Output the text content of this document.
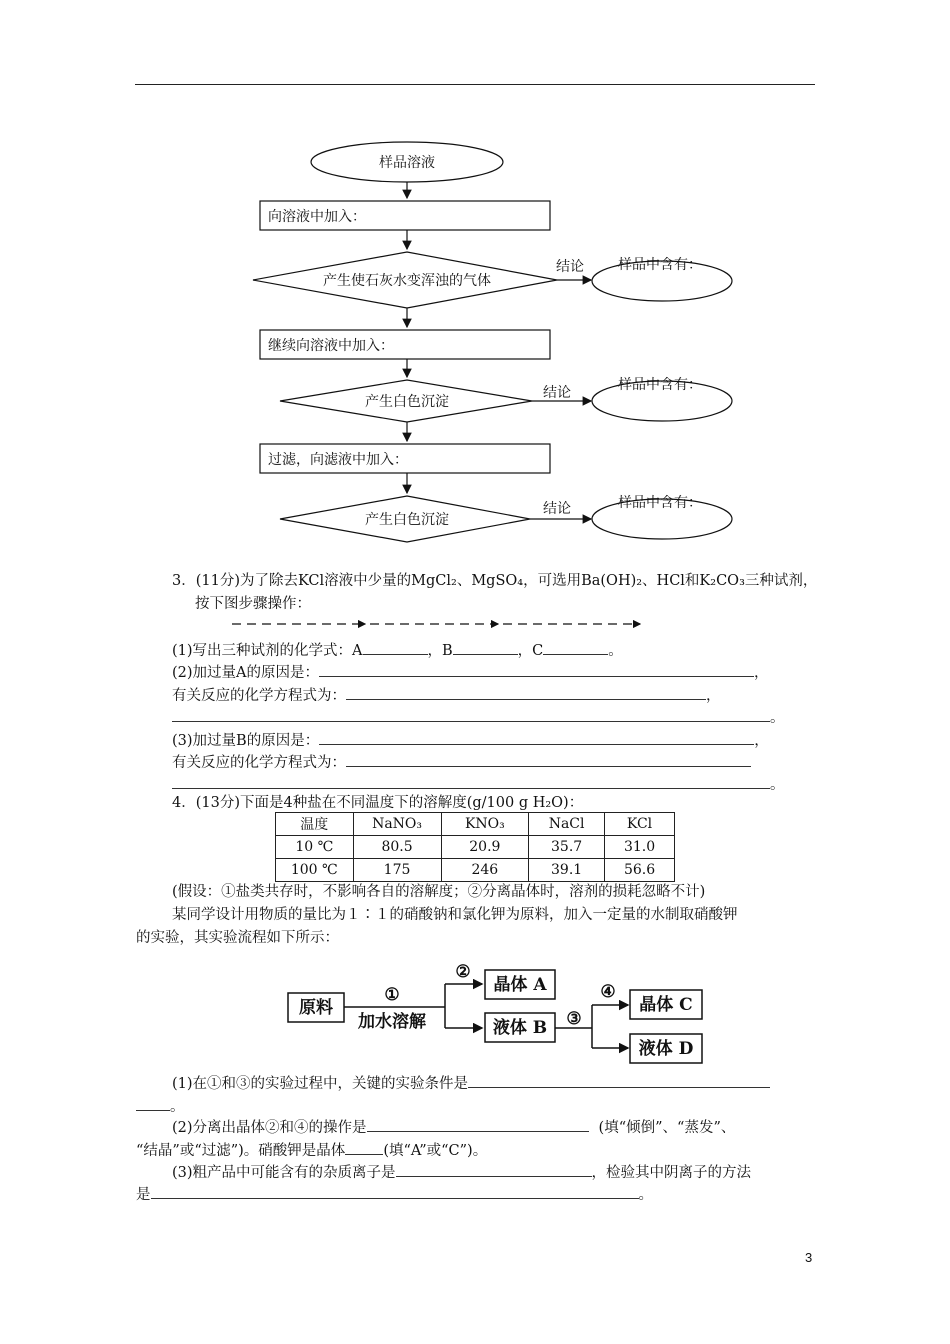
样品溶液
向溶液中加入：
产生使石灰水变浑浊的气体
结论 样品中含有：
继续向溶液中加入：
产生白色沉淀
结论	样品中含有：
过滤，向滤液中加入：
产生白色沉淀
结论	样品中含有：
3．(11分)为了除去KCl溶液中少量的MgCl₂、MgSO₄，可选用Ba(OH)₂、HCl和K₂CO₃三种试剂，
按下图步骤操作：
(1)写出三种试剂的化学式：A	，B	，C	。
(2)加过量A的原因是：	，
有关反应的化学方程式为：	，
。
(3)加过量B的原因是：	，
有关反应的化学方程式为：
。
4．(13分)下面是4种盐在不同温度下的溶解度(g/100 g H₂O)：
温度	NaNO₃	KNO₃	NaCl	KCl
10 ℃	80.5	20.9	35.7	31.0
100 ℃	175	246	39.1	56.6
(假设：①盐类共存时，不影响各自的溶解度；②分离晶体时，溶剂的损耗忽略不计)
某同学设计用物质的量比为１∶１的硝酸钠和氯化钾为原料，加入一定量的水制取硝酸钾
的实验，其实验流程如下所示：
原料
①
加水溶解
②
晶体 A
液体 B ③
④
晶体 C
液体 D
(1)在①和③的实验过程中，关键的实验条件是
。
(2)分离出晶体②和④的操作是	(填“倾倒”、“蒸发”、
“结晶”或“过滤”)。硝酸钾是晶体	(填“A”或“C”)。
(3)粗产品中可能含有的杂质离子是	，检验其中阴离子的方法
是	。
3
